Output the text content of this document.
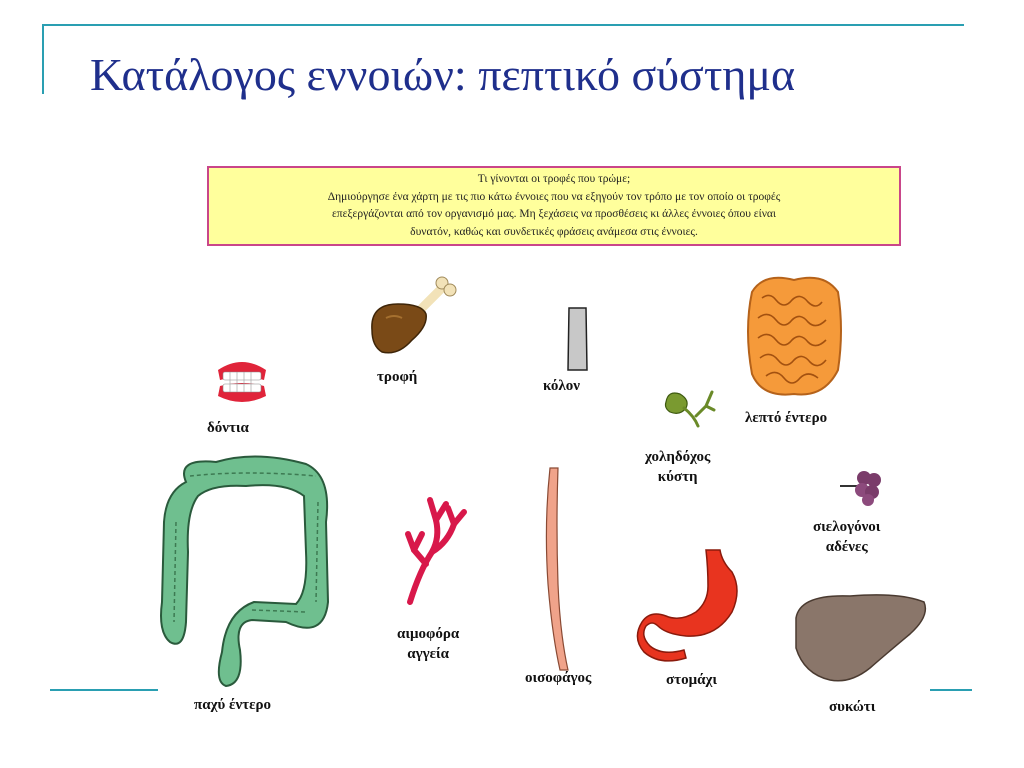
Κατάλογος εννοιών: πεπτικό σύστημα
Τι γίνονται οι τροφές που τρώμε;
Δημιούργησε ένα χάρτη με τις πιο κάτω έννοιες που να εξηγούν τον τρόπο με τον οποίο οι τροφές
επεξεργάζονται από τον οργανισμό μας. Μη ξεχάσεις να προσθέσεις κι άλλες έννοιες όπου είναι
δυνατόν, καθώς και συνδετικές φράσεις ανάμεσα στις έννοιες.
δόντια
τροφή
κόλον
λεπτό έντερο
χοληδόχος
κύστη
σιελογόνοι
αδένες
παχύ έντερο
αιμοφόρα
αγγεία
οισοφάγος	στομάχι
συκώτι
